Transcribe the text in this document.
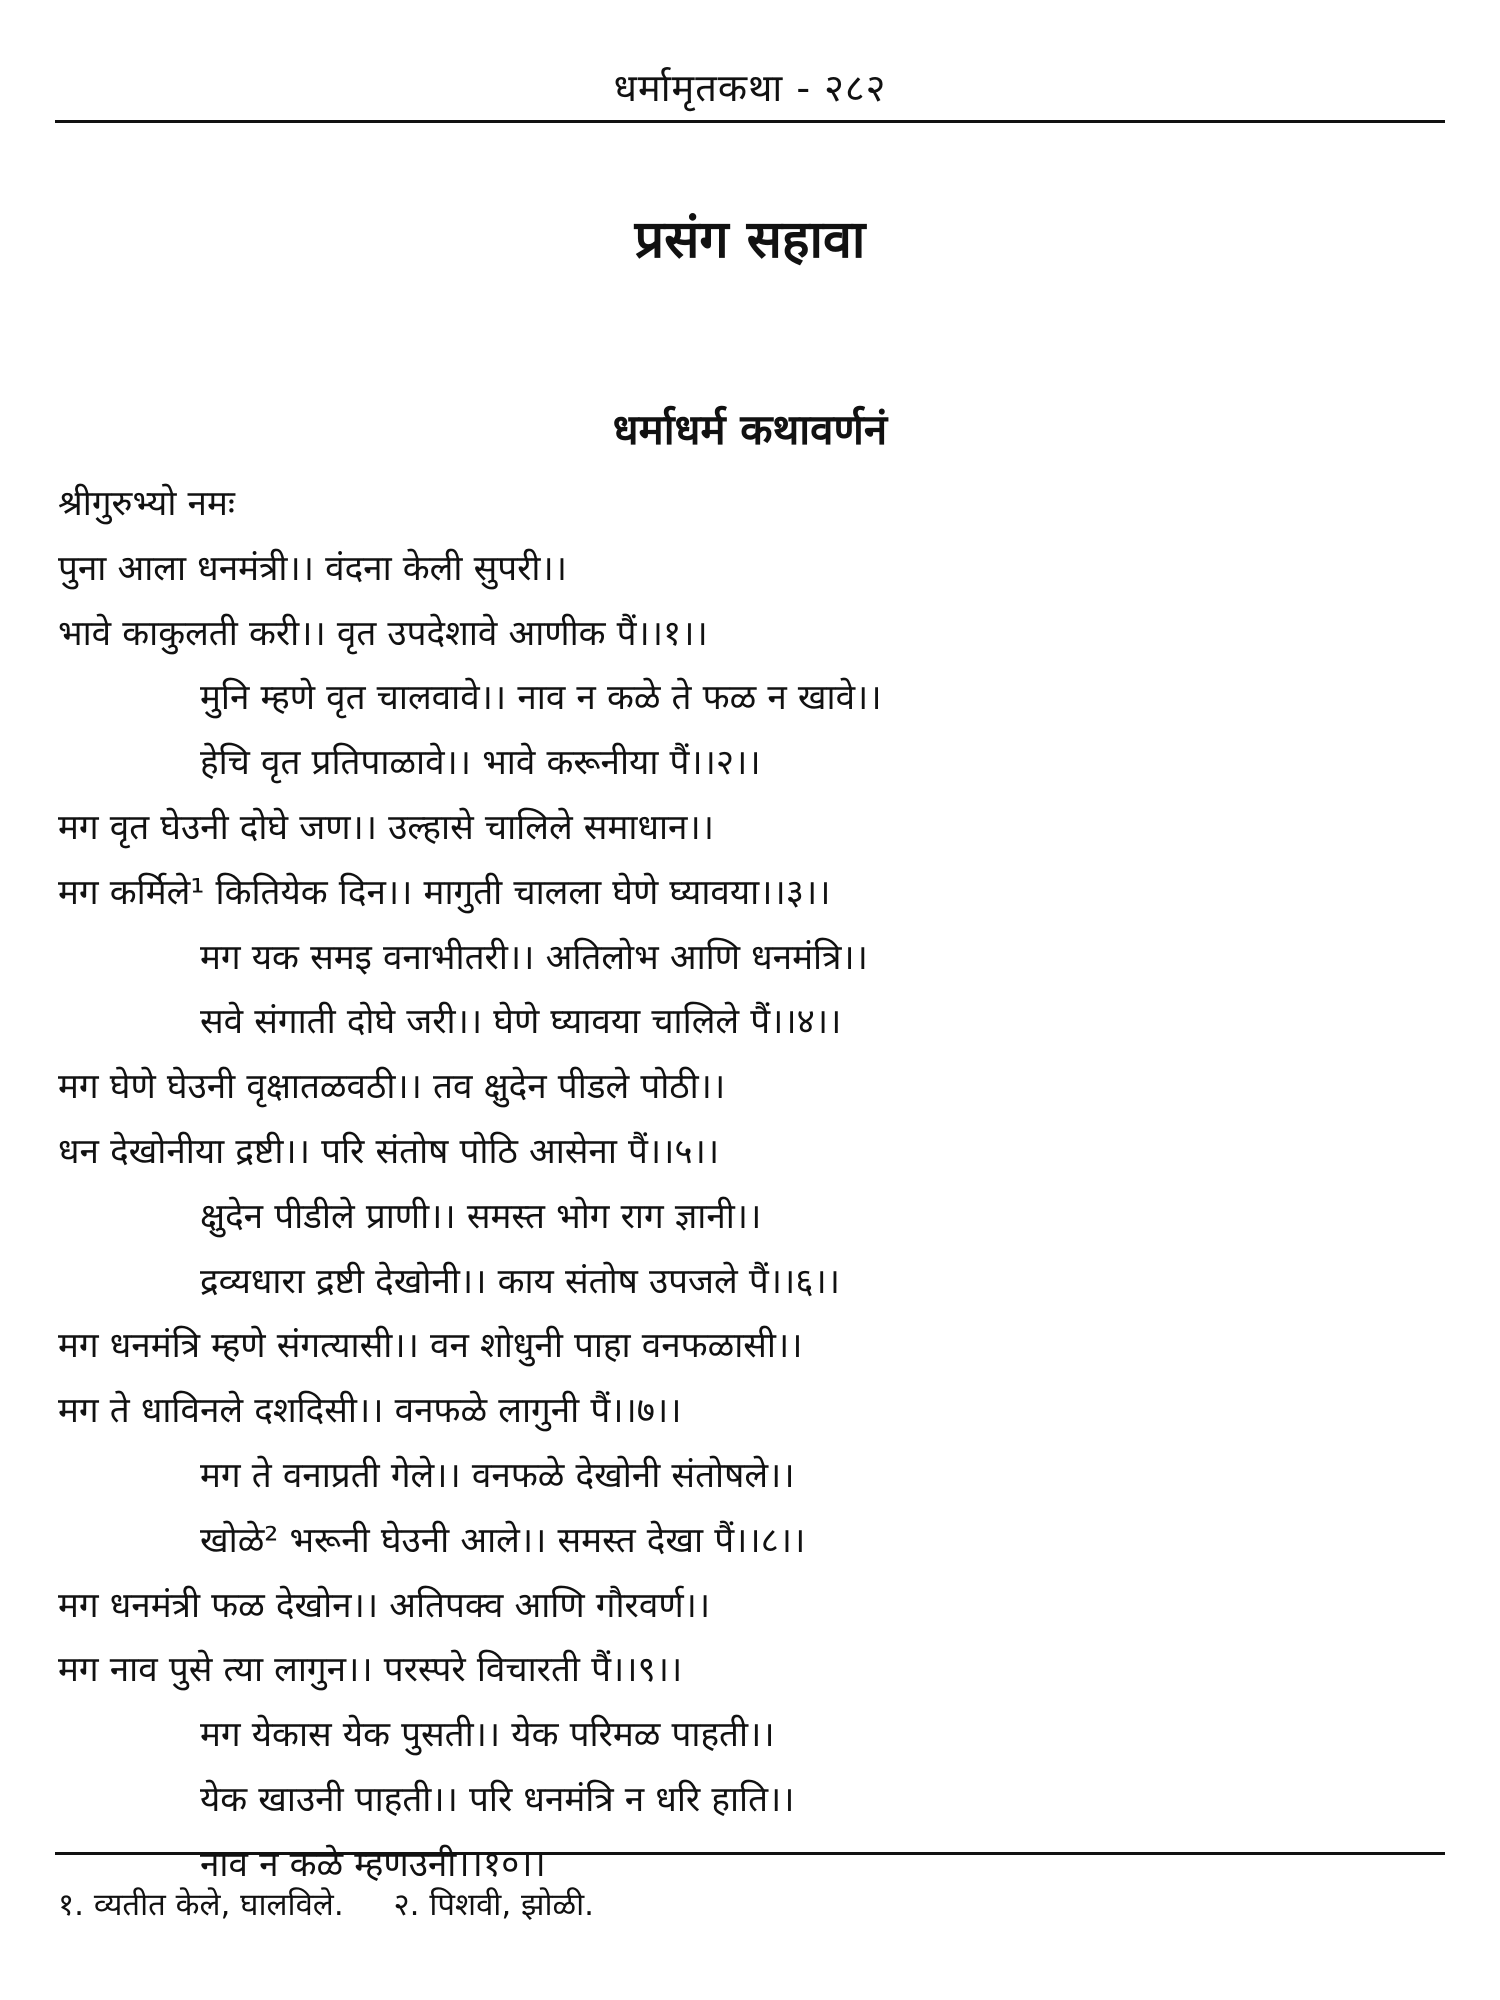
धर्मामृतकथा - २८२
प्रसंग सहावा
धर्माधर्म कथावर्णनं
श्रीगुरुभ्यो नमः
पुना आला धनमंत्री।। वंदना केली सुपरी।।
भावे काकुलती करी।। वृत उपदेशावे आणीक पैं।।१।।
मुनि म्हणे वृत चालवावे।। नाव न कळे ते फळ न खावे।।
हेचि वृत प्रतिपाळावे।। भावे करूनीया पैं।।२।।
मग वृत घेउनी दोघे जण।। उल्हासे चालिले समाधान।।
मग कर्मिले¹ कितियेक दिन।। मागुती चालला घेणे घ्यावया।।३।।
मग यक समइ वनाभीतरी।। अतिलोभ आणि धनमंत्रि।।
सवे संगाती दोघे जरी।। घेणे घ्यावया चालिले पैं।।४।।
मग घेणे घेउनी वृक्षातळवठी।। तव क्षुदेन पीडले पोठी।।
धन देखोनीया द्रष्टी।। परि संतोष पोठि आसेना पैं।।५।।
क्षुदेन पीडीले प्राणी।। समस्त भोग राग ज्ञानी।।
द्रव्यधारा द्रष्टी देखोनी।। काय संतोष उपजले पैं।।६।।
मग धनमंत्रि म्हणे संगत्यासी।। वन शोधुनी पाहा वनफळासी।।
मग ते धाविनले दशदिसी।। वनफळे लागुनी पैं।।७।।
मग ते वनाप्रती गेले।। वनफळे देखोनी संतोषले।।
खोळे² भरूनी घेउनी आले।। समस्त देखा पैं।।८।।
मग धनमंत्री फळ देखोन।। अतिपक्व आणि गौरवर्ण।।
मग नाव पुसे त्या लागुन।। परस्परे विचारती पैं।।९।।
मग येकास येक पुसती।। येक परिमळ पाहती।।
येक खाउनी पाहती।। परि धनमंत्रि न धरि हाति।।
नाव न कळे म्हणउनी।।१०।।
१. व्यतीत केले, घालविले. २. पिशवी, झोळी.
